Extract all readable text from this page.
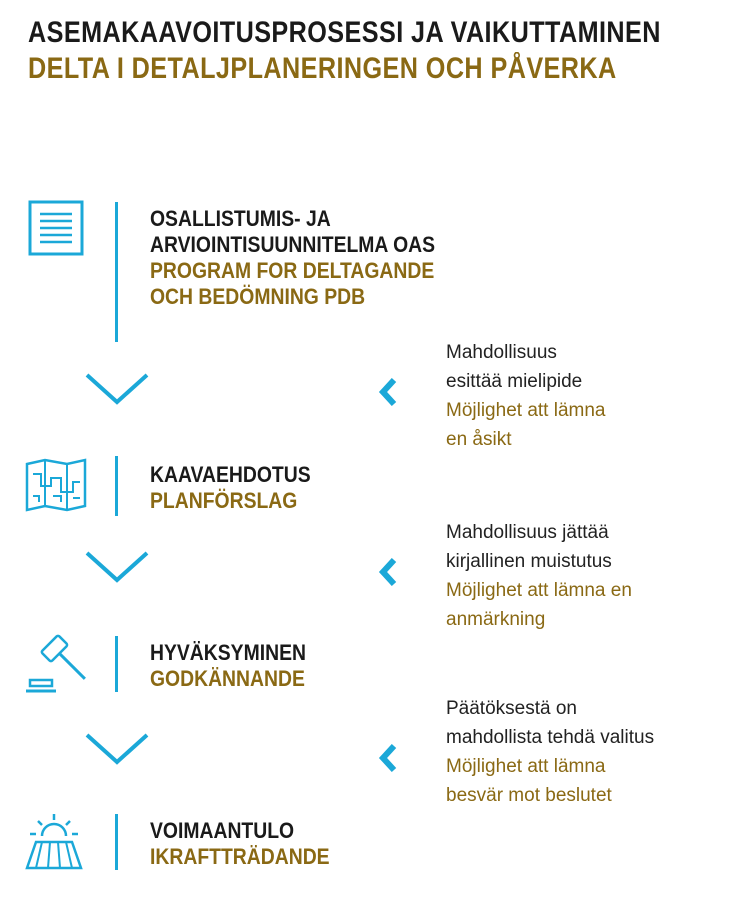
ASEMAKAAVOITUSPROSESSI JA VAIKUTTAMINEN
DELTA I DETALJPLANERINGEN OCH PÅVERKA
OSALLISTUMIS- JA
ARVIOINTISUUNNITELMA OAS
PROGRAM FOR DELTAGANDE
OCH BEDÖMNING PDB
Mahdollisuus
esittää mielipide
Möjlighet att lämna
en åsikt
KAAVAEHDOTUS
PLANFÖRSLAG
Mahdollisuus jättää
kirjallinen muistutus
Möjlighet att lämna en
anmärkning
HYVÄKSYMINEN
GODKÄNNANDE
Päätöksestä on
mahdollista tehdä valitus
Möjlighet att lämna
besvär mot beslutet
VOIMAANTULO
IKRAFTTRÄDANDE
